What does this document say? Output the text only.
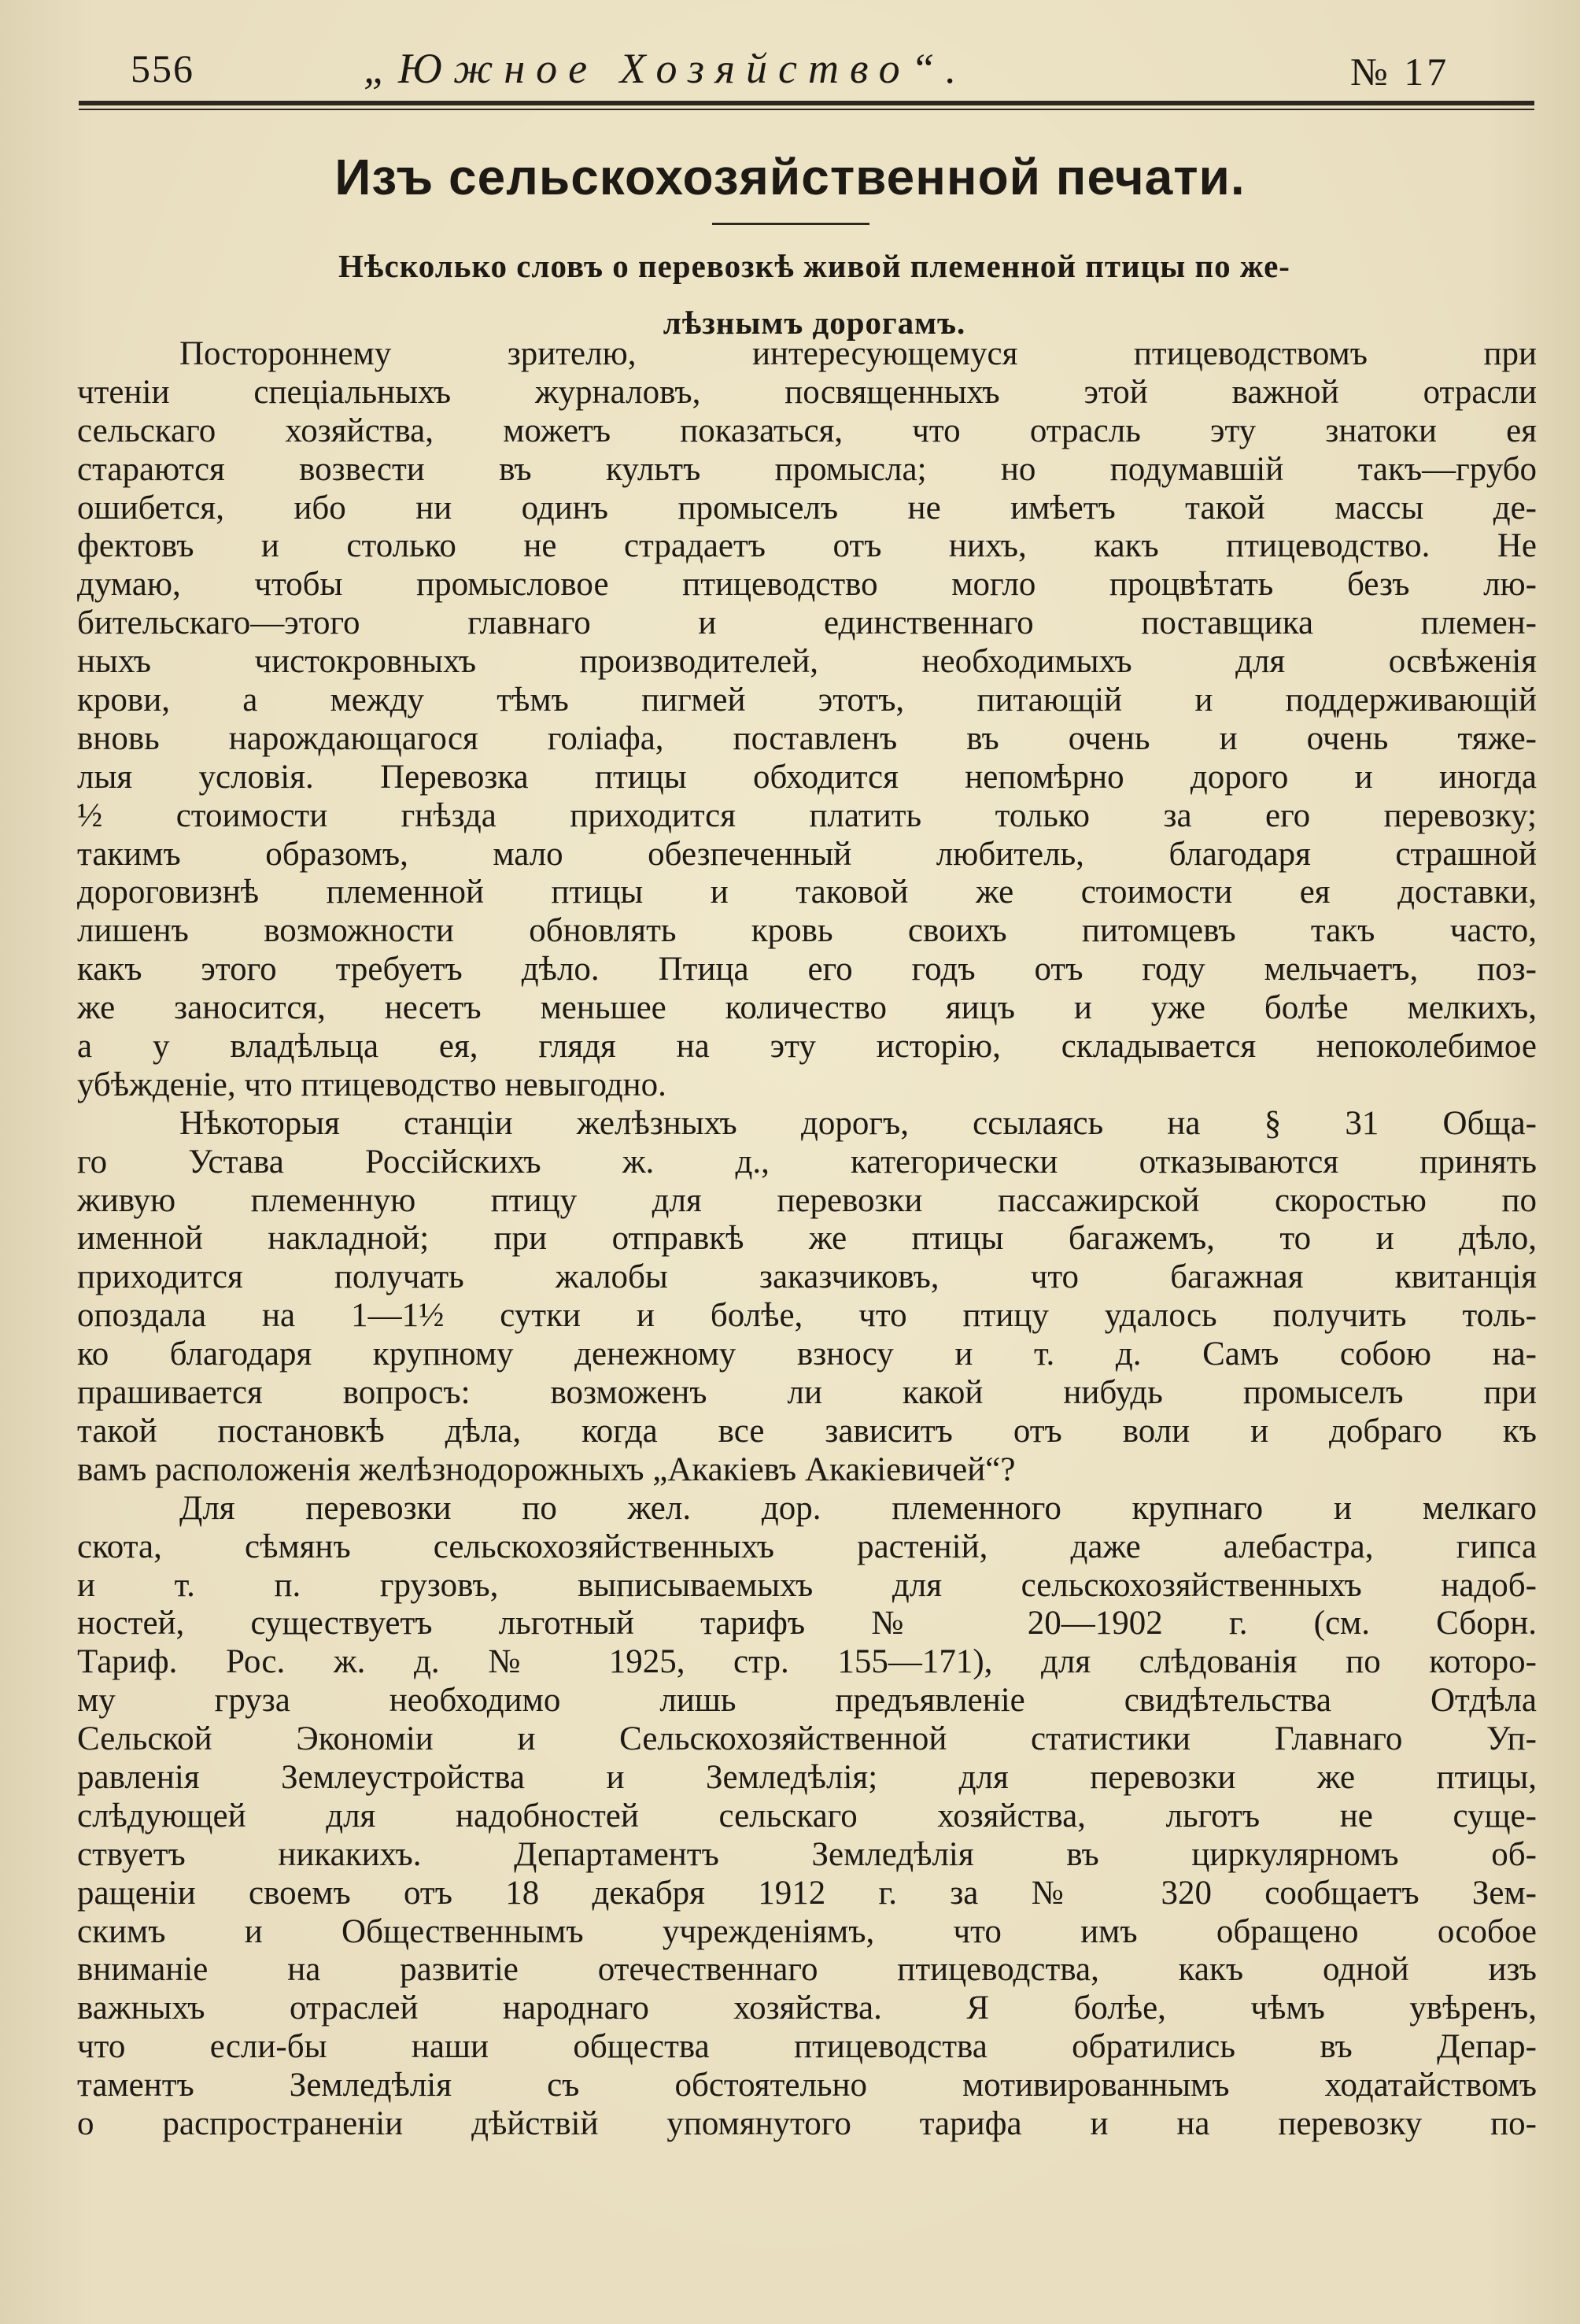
556	„Южное Хозяйство“.	№ 17
Изъ сельскохозяйственной печати.
Нѣсколько словъ о перевозкѣ живой племенной птицы по же-
лѣзнымъ дорогамъ.
Постороннему зрителю, интересующемуся птицеводствомъ при
чтенiи спецiальныхъ журналовъ, посвященныхъ этой важной отрасли
сельскаго хозяйства, можетъ показаться, что отрасль эту знатоки ея
стараются возвести въ культъ промысла; но подумавшiй такъ—грубо
ошибется, ибо ни одинъ промыселъ не имѣетъ такой массы де-
фектовъ и столько не страдаетъ отъ нихъ, какъ птицеводство. Не
думаю, чтобы промысловое птицеводство могло процвѣтать безъ лю-
бительскаго—этого главнаго и единственнаго поставщика племен-
ныхъ чистокровныхъ производителей, необходимыхъ для освѣженiя
крови, а между тѣмъ пигмей этотъ, питающiй и поддерживающiй
вновь нарождающагося голiафа, поставленъ въ очень и очень тяже-
лыя условiя. Перевозка птицы обходится непомѣрно дорого и иногда
½ стоимости гнѣзда приходится платить только за его перевозку;
такимъ образомъ, мало обезпеченный любитель, благодаря страшной
дороговизнѣ племенной птицы и таковой же стоимости ея доставки,
лишенъ возможности обновлять кровь своихъ питомцевъ такъ часто,
какъ этого требуетъ дѣло. Птица его годъ отъ году мельчаетъ, поз-
же заносится, несетъ меньшее количество яицъ и уже болѣе мелкихъ,
а у владѣльца ея, глядя на эту исторiю, складывается непоколебимое
убѣжденiе, что птицеводство невыгодно.
Нѣкоторыя станцiи желѣзныхъ дорогъ, ссылаясь на § 31 Обща-
го Устава Россiйскихъ ж. д., категорически отказываются принять
живую племенную птицу для перевозки пассажирской скоростью по
именной накладной; при отправкѣ же птицы багажемъ, то и дѣло,
приходится получать жалобы заказчиковъ, что багажная квитанцiя
опоздала на 1—1½ сутки и болѣе, что птицу удалось получить толь-
ко благодаря крупному денежному взносу и т. д. Самъ собою на-
прашивается вопросъ: возможенъ ли какой нибудь промыселъ при
такой постановкѣ дѣла, когда все зависитъ отъ воли и добраго къ
вамъ расположенiя желѣзнодорожныхъ „Акакiевъ Акакiевичей“?
Для перевозки по жел. дор. племенного крупнаго и мелкаго
скота, сѣмянъ сельскохозяйственныхъ растенiй, даже алебастра, гипса
и т. п. грузовъ, выписываемыхъ для сельскохозяйственныхъ надоб-
ностей, существуетъ льготный тарифъ № 20—1902 г. (см. Сборн.
Тариф. Рос. ж. д. № 1925, стр. 155—171), для слѣдованiя по которо-
му груза необходимо лишь предъявленiе свидѣтельства Отдѣла
Сельской Экономiи и Сельскохозяйственной статистики Главнаго Уп-
равленiя Землеустройства и Земледѣлiя; для перевозки же птицы,
слѣдующей для надобностей сельскаго хозяйства, льготъ не суще-
ствуетъ никакихъ. Департаментъ Земледѣлiя въ циркулярномъ об-
ращенiи своемъ отъ 18 декабря 1912 г. за № 320 сообщаетъ Зем-
скимъ и Общественнымъ учрежденiямъ, что имъ обращено особое
вниманiе на развитiе отечественнаго птицеводства, какъ одной изъ
важныхъ отраслей народнаго хозяйства. Я болѣе, чѣмъ увѣренъ,
что если-бы наши общества птицеводства обратились въ Депар-
таментъ Земледѣлiя съ обстоятельно мотивированнымъ ходатайствомъ
о распространенiи дѣйствiй упомянутого тарифа и на перевозку по-
